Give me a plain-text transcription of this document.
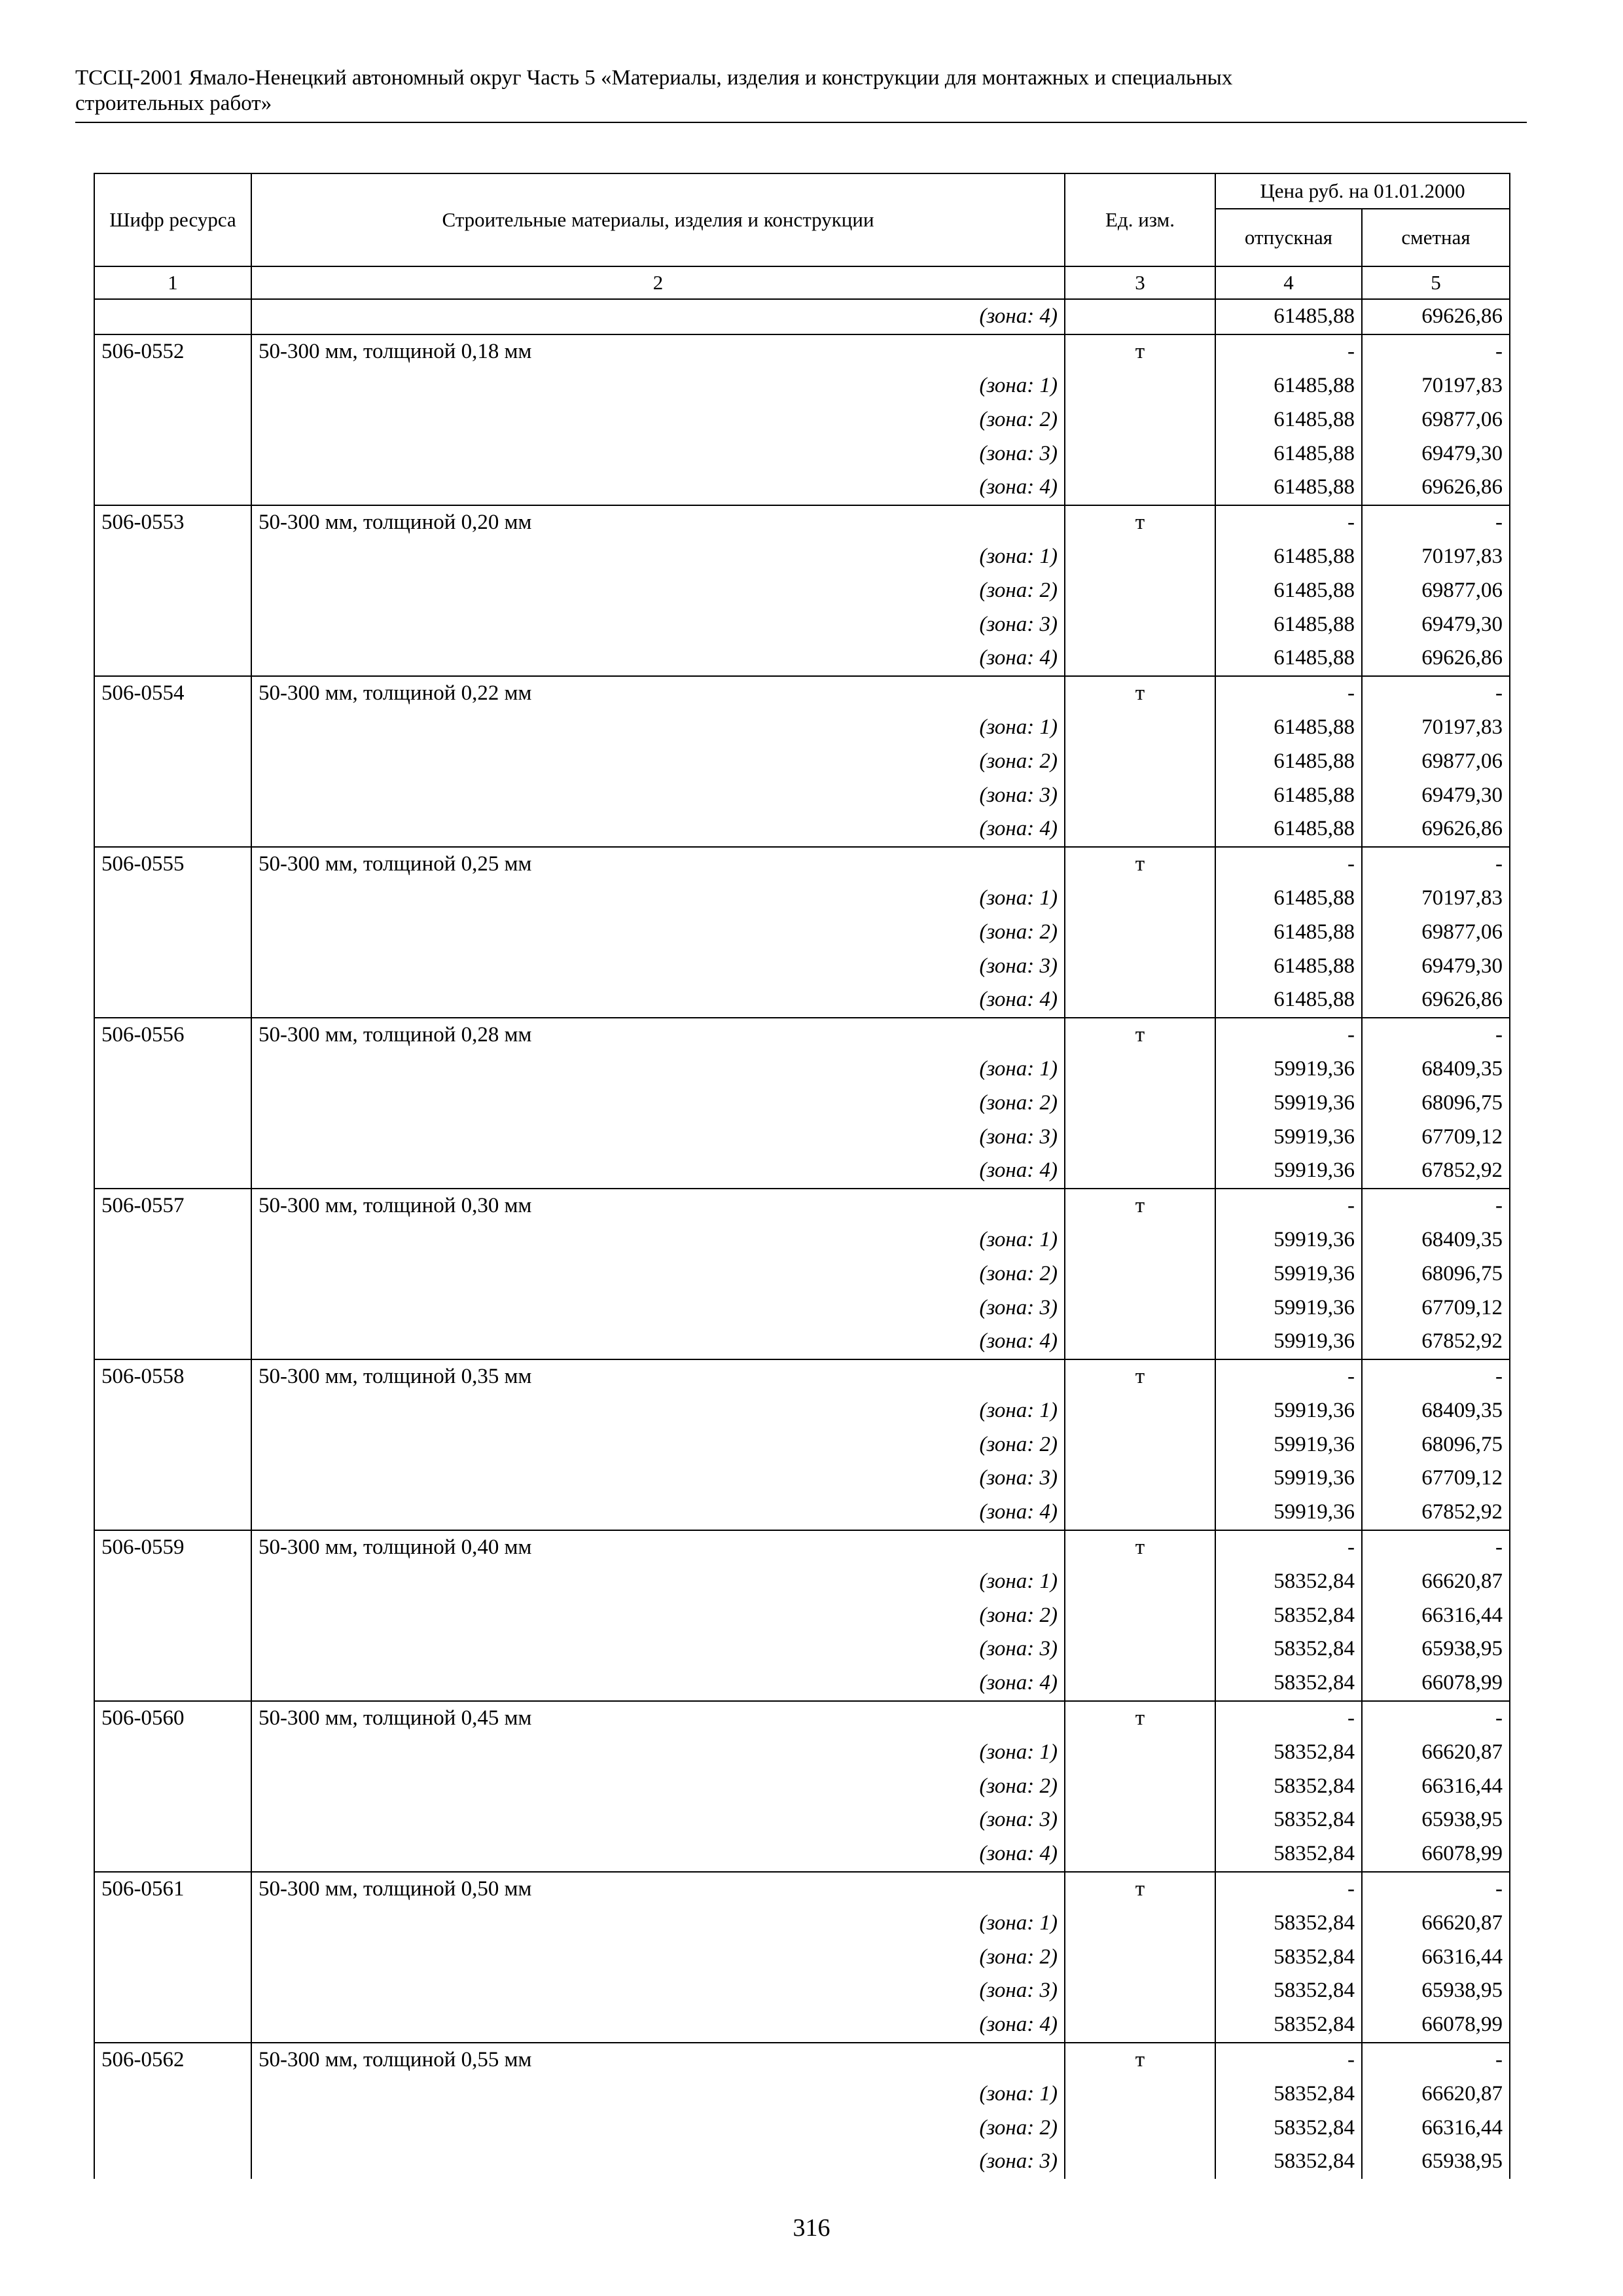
ТССЦ-2001 Ямало-Ненецкий автономный округ Часть 5 «Материалы, изделия и конструкции для монтажных и специальных
строительных работ»
Шифр ресурса	Строительные материалы, изделия и конструкции	Ед. изм.	Цена руб. на 01.01.2000	
			отпускная	сметная
1	2	3	4	5
	(зона: 4)		61485,88	69626,86
506-0552	50-300 мм, толщиной 0,18 мм	т	-	-
	(зона: 1)		61485,88	70197,83
	(зона: 2)		61485,88	69877,06
	(зона: 3)		61485,88	69479,30
	(зона: 4)		61485,88	69626,86
506-0553	50-300 мм, толщиной 0,20 мм	т	-	-
	(зона: 1)		61485,88	70197,83
	(зона: 2)		61485,88	69877,06
	(зона: 3)		61485,88	69479,30
	(зона: 4)		61485,88	69626,86
506-0554	50-300 мм, толщиной 0,22 мм	т	-	-
	(зона: 1)		61485,88	70197,83
	(зона: 2)		61485,88	69877,06
	(зона: 3)		61485,88	69479,30
	(зона: 4)		61485,88	69626,86
506-0555	50-300 мм, толщиной 0,25 мм	т	-	-
	(зона: 1)		61485,88	70197,83
	(зона: 2)		61485,88	69877,06
	(зона: 3)		61485,88	69479,30
	(зона: 4)		61485,88	69626,86
506-0556	50-300 мм, толщиной 0,28 мм	т	-	-
	(зона: 1)		59919,36	68409,35
	(зона: 2)		59919,36	68096,75
	(зона: 3)		59919,36	67709,12
	(зона: 4)		59919,36	67852,92
506-0557	50-300 мм, толщиной 0,30 мм	т	-	-
	(зона: 1)		59919,36	68409,35
	(зона: 2)		59919,36	68096,75
	(зона: 3)		59919,36	67709,12
	(зона: 4)		59919,36	67852,92
506-0558	50-300 мм, толщиной 0,35 мм	т	-	-
	(зона: 1)		59919,36	68409,35
	(зона: 2)		59919,36	68096,75
	(зона: 3)		59919,36	67709,12
	(зона: 4)		59919,36	67852,92
506-0559	50-300 мм, толщиной 0,40 мм	т	-	-
	(зона: 1)		58352,84	66620,87
	(зона: 2)		58352,84	66316,44
	(зона: 3)		58352,84	65938,95
	(зона: 4)		58352,84	66078,99
506-0560	50-300 мм, толщиной 0,45 мм	т	-	-
	(зона: 1)		58352,84	66620,87
	(зона: 2)		58352,84	66316,44
	(зона: 3)		58352,84	65938,95
	(зона: 4)		58352,84	66078,99
506-0561	50-300 мм, толщиной 0,50 мм	т	-	-
	(зона: 1)		58352,84	66620,87
	(зона: 2)		58352,84	66316,44
	(зона: 3)		58352,84	65938,95
	(зона: 4)		58352,84	66078,99
506-0562	50-300 мм, толщиной 0,55 мм	т	-	-
	(зона: 1)		58352,84	66620,87
	(зона: 2)		58352,84	66316,44
	(зона: 3)		58352,84	65938,95
316
